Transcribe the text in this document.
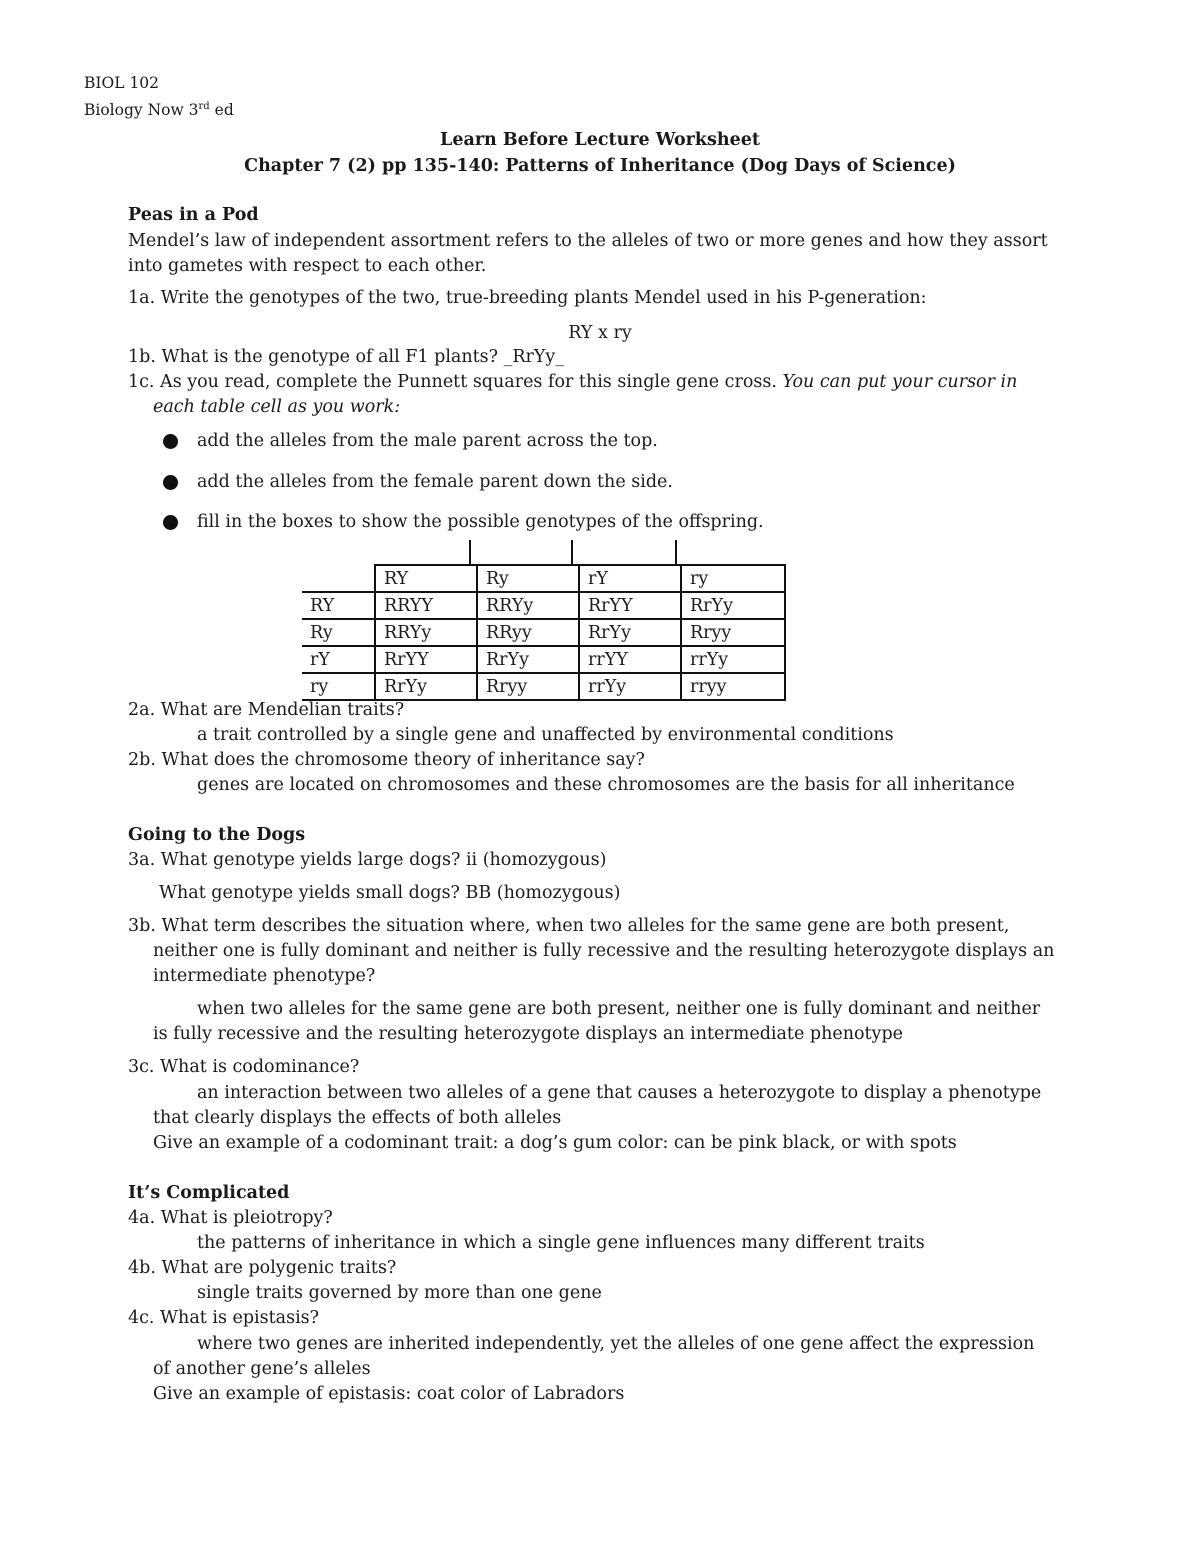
BIOL 102
Biology Now 3rd ed
Learn Before Lecture Worksheet
Chapter 7 (2) pp 135-140: Patterns of Inheritance (Dog Days of Science)
Peas in a Pod
Mendel’s law of independent assortment refers to the alleles of two or more genes and how they assort
into gametes with respect to each other.
1a. Write the genotypes of the two, true-breeding plants Mendel used in his P-generation:
RY x ry
1b. What is the genotype of all F1 plants? _RrYy_
1c. As you read, complete the Punnett squares for this single gene cross. You can put your cursor in
each table cell as you work:
add the alleles from the male parent across the top.
add the alleles from the female parent down the side.
fill in the boxes to show the possible genotypes of the offspring.
	RY	Ry	rY	ry
RY	RRYY	RRYy	RrYY	RrYy
Ry	RRYy	RRyy	RrYy	Rryy
rY	RrYY	RrYy	rrYY	rrYy
ry	RrYy	Rryy	rrYy	rryy
2a. What are Mendelian traits?
a trait controlled by a single gene and unaffected by environmental conditions
2b. What does the chromosome theory of inheritance say?
genes are located on chromosomes and these chromosomes are the basis for all inheritance
Going to the Dogs
3a. What genotype yields large dogs? ii (homozygous)
What genotype yields small dogs? BB (homozygous)
3b. What term describes the situation where, when two alleles for the same gene are both present,
neither one is fully dominant and neither is fully recessive and the resulting heterozygote displays an
intermediate phenotype?
when two alleles for the same gene are both present, neither one is fully dominant and neither
is fully recessive and the resulting heterozygote displays an intermediate phenotype
3c. What is codominance?
an interaction between two alleles of a gene that causes a heterozygote to display a phenotype
that clearly displays the effects of both alleles
Give an example of a codominant trait: a dog’s gum color: can be pink black, or with spots
It’s Complicated
4a. What is pleiotropy?
the patterns of inheritance in which a single gene influences many different traits
4b. What are polygenic traits?
single traits governed by more than one gene
4c. What is epistasis?
where two genes are inherited independently, yet the alleles of one gene affect the expression
of another gene’s alleles
Give an example of epistasis: coat color of Labradors
